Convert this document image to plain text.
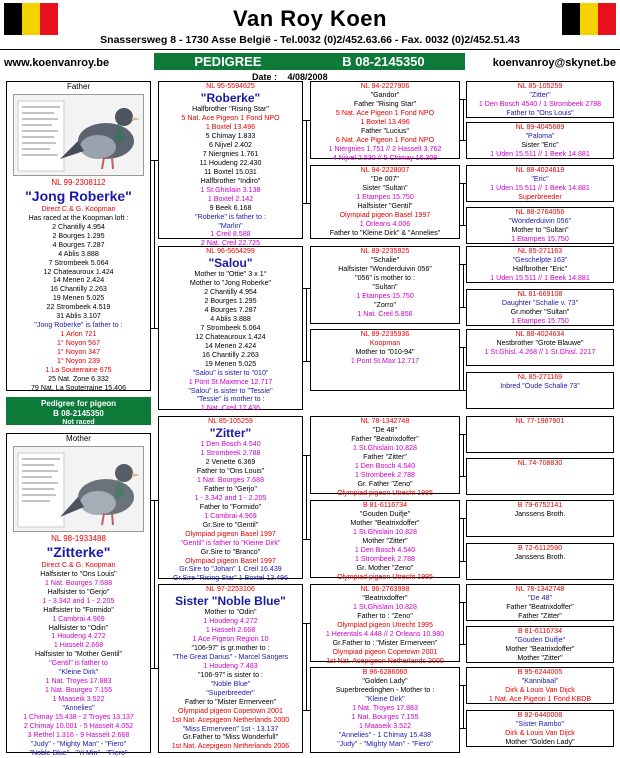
Van Roy Koen
Snassersweg 8 - 1730 Asse België - Tel.0032 (0)2/452.63.66 - Fax. 0032 (0)2/452.51.43
www.koenvanroy.be	koenvanroy@skynet.be
PEDIGREE	B 08-2145350
Date : 4/08/2008
Father
NL 99-2308112
"Jong Roberke"
Direct C.& G. Koopman
Has raced at the Koopman loft :
2 Chantilly 4.954
2 Bourges 1.295
4 Bourges 7.287
4 Ablis 3.888
7 Strombeek 5.064
12 Chateauroux 1.424
14 Menen 2.424
16 Chantilly 2.263
19 Menen 5.025
22 Strombeek 4.519
31 Ablis 3.107
"Jong Roberke" is father to :
1 Arlon 721
1° Noyon 567
1° Noyon 347
1° Noyon 239
1 La Souterraine 675
25 Nat. Zone 6.332
79 Nat. La Souterraine 15.406
Pedigree for pigeon
B 08-2145350
Not raced
Mother
NL 98-1933488
"Zitterke"
Direct C.& G. Koopman
Halfsister to "Ons Louis"
1 Nat. Bourges 7.688
Halfsister to "Gerjo"
1 - 3.342 and 1 - 2.205
Halfsister to "Formido"
1 Cambrai 4.969
Halfsister to "Odin"
1 Houdeng 4.272
1 Hasselt 2.668
Halfsister to "Mother Gentil"
"Gentil" is father to
"Kleine Dirk"
1 Nat. Troyes 17.883
1 Nat. Bourges 7.155
1 Maaseik 3.522
"Annelies"
1 Chimay 15.438 - 2 Troyes 13.137
2 Chimay 10.001 - 5 Hasselt 4.052
3 Rethel 1.316 - 9 Hasselt 2.668
"Judy" - "Mighty Man" - "Fiero"
"Noble Blue" - "Yi Min" - "Fiero"
NL 95-5594625
"Roberke"
Halfbrother "Rising Star"
5 Nat. Ace Pigeon 1 Fond NPO
1 Boxtel 13.496
5 Chimay 1.833
6 Nijvel 2.402
7 Niergnies 1.761
11 Houdeng 22.430
11 Boxtel 15.031
Halfbrother "Indiro"
1 St.Ghislain 3.138
1 Boxtel 2.142
9 Beek 6.168
"Roberke" is father to :
"Marlin"
1 Creil 8.588
2 Nat. Creil 22.725
NL 96-5654299
"Salou"
Mother to "Ottie" 3 x 1°
Mother to "Jong Roberke"
2 Chantilly 4.954
2 Bourges 1.295
4 Bourges 7.287
4 Ablis 3.888
7 Strombeek 5.064
12 Chateauroux 1.424
14 Menen 2.424
16 Chantilly 2.263
19 Menen 5.025
"Salou" is sister to "010"
1 Pont St.Maxence 12.717
"Salou" is sister to "Tessie"
"Tessie" is mother to :
1 Nat. Creil 17.436
NL 85-105259
"Zitter"
1 Den Bosch 4.540
1 Strombeek 2.788
2 Venette 6.369
Father to "Ons Louis"
1 Nat. Bourges 7.688
Father to "Gerjo"
1 - 3.342 and 1 - 2.205
Father to "Formido"
1 Cambrai 4.969
Gr.Sire to "Gentil"
Olympiad pigeon Basel 1997
"Gentil" is father to "Kleine Dirk"
Gr.Sire to "Branco"
Olympiad pigeon Basel 1997
Gr.Sire to "Johan" 1 Creil 16.439
Gr.Sire "Rising Star" 1 Boxtel 13.496
NL 97-2253106
Sister "Noble Blue"
Mother to "Odin"
1 Houdeng 4.272
1 Hasselt 2.668
1 Ace Pigeon Region 10
"106-97" is gr.mother to :
"The Great Darius" - Marcel Sangers
1 Houdeng 7.483
"106-97" is sister to :
"Noble Blue"
"Superbreeder"
Father to "Mister Ermerveen"
Olympiad pigeon Copetown 2001
1st Nat. Acepigeon Netherlands 2000
"Miss Ermerveen" 1st - 13.137
Gr.Father to "Miss Wonderfull"
1st Nat. Acepigeon Netherlands 2006
NL 94-2227906
"Gandor"
Father "Rising Star"
5 Nat. Ace Pigeon 1 Fond NPO
1 Boxtel 13.496
Father "Lucius"
6 Nat. Ace Pigeon 1 Fond NPO
1 Niergnies 1.751 // 2 Hasselt 3.762
4 Nijvel 2.530 // 5 Chimay 16.309
NL 94-2228007
"De 007"
Sister "Sultan"
1 Etampes 15.750
Halfsister "Gentil"
Olympiad pigeon Basel 1997
1 Orleans 4.006
Father to "Kleine Dirk" & "Annelies"
NL 89-2235925
"Schalie"
Halfsister "Wonderduivin 056"
"056" is mother to :
"Sultan"
1 Etampes 15.750
"Zorro"
1 Nat. Creil 5.856
NL 89-2235936
Koopman
Mother to "010-94"
1 Pont St.Max 12.717
NL 78-1342748
"De 48"
Father "Beatrixdoffer"
1 St.Ghislain 10.828
Father "Zitter"
1 Den Bosch 4.540
1 Strombeek 2.788
Gr. Father "Zeno"
Olympiad pigeon Utrecht 1995
B 81-6116734
"Gouden Duifje"
Mother "Beatrixdoffer"
1 St.Ghislain 10.828
Mother "Zitter"
1 Den Bosch 4.540
1 Strombeek 2.788
Gr. Mother "Zeno"
Olympiad pigeon Utrecht 1995
NL 96-2763998
"Beatrixdoffer"
1 St.Ghislain 10.828
Father to : "Zeno"
Olympiad pigeon Utrecht 1995
1 Herentals 4.448 // 2 Orleans 10.980
Gr.Father to : "Mister Ermerveen"
Olympiad pigeon Copetown 2001
1st Nat. Acepigeon Netherlands 2000
B 96-6286060
"Golden Lady"
Superbreedinghen - Mother to :
"Kleine Dirk"
1 Nat. Troyes 17.883
1 Nat. Bourges 7.155
1 Maaseik 3.522
"Annelies" - 1 Chimay 15.438
"Judy" - "Mighty Man" - "Fiero"
NL 85-105259
"Zitter"
1 Den Bosch 4540 / 1 Strombeek 2788
Father to "Ons Louis"
NL 89-4045689
"Paloma"
Sister "Eric"
1 Uden 15.511 // 1 Beek 14.881
NL 88-4024619
"Eric"
1 Uden 15.511 // 1 Beek 14.881
Superbreeder
NL 88-2764056
"Wonderduivin 056"
Mother to "Sultan"
1 Etampes 15.750
NL 85-271163
"Geschelpte 163"
Halfbrother "Eric"
1 Uden 15.511 // 1 Beek 14.881
NL 81-669108
Daughter "Schalie v. 73"
Gr.mother "Sultan"
1 Etampes 15.750
NL 88-4024634
Nestbrother "Grote Blauwe"
1 St.Ghisl. 4.268 // 1 St.Ghisl. 2217
NL 85-271169
Inbred "Oude Schalie 73"
NL 77-1987901
NL 74-708830
B 79-6752141
Janssens Broth.
B 72-6112590
Janssens Broth.
NL 78-1342748
"De 48"
Father "Beatrixdoffer"
Father "Zitter"
B 81-6116734
"Gouden Duifje"
Mother "Beatrixdoffer"
Mother "Zitter"
B 95-6244005
"Kannibaal"
Dirk & Louis Van Dijck
1 Nat. Ace Pigeon 1 Fond KBDB
B 92-6440008
"Sister Rambo"
Dirk & Louis Van Dijck
Mother "Golden Lady"
